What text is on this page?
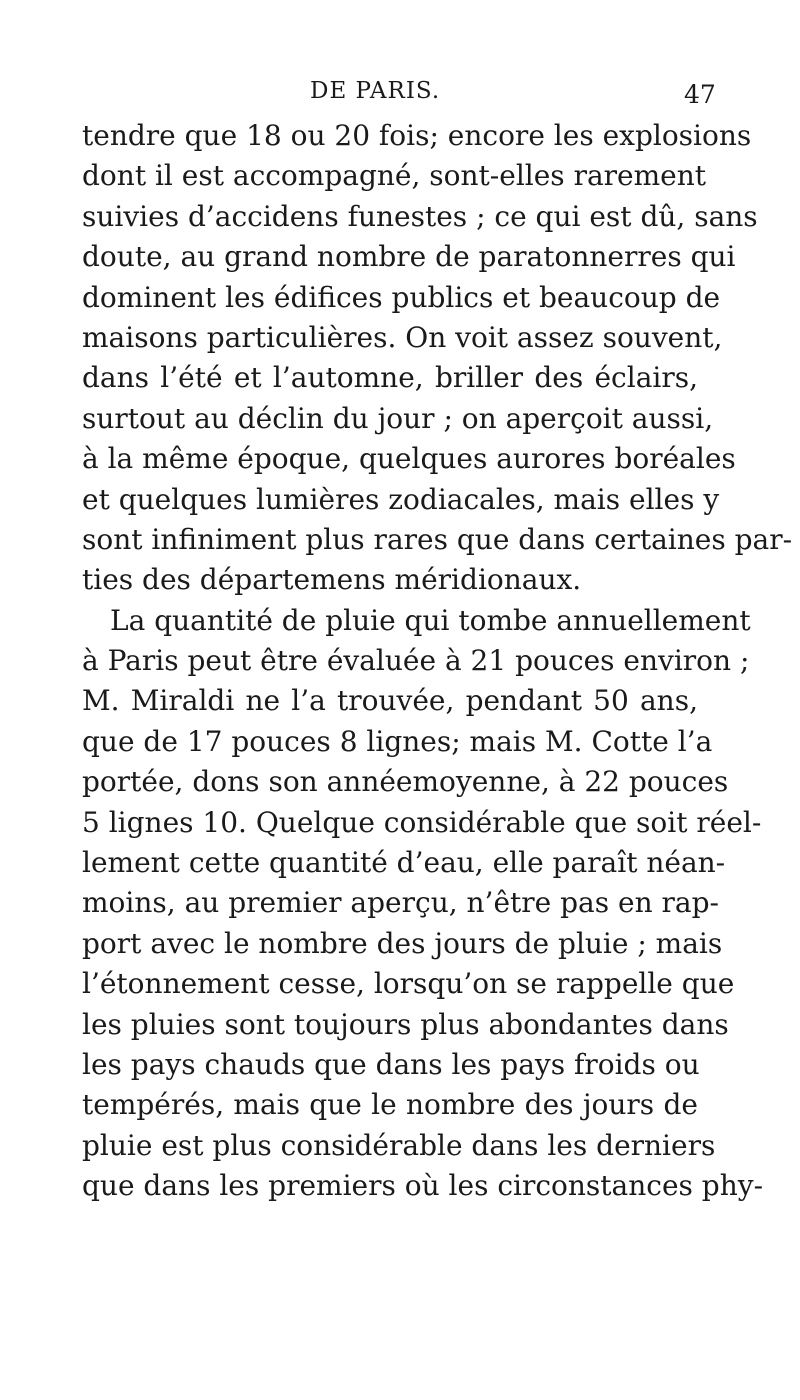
DE PARIS.	47
tendre que 18 ou 20 fois; encore les explosions
dont il est accompagné, sont-elles rarement
suivies d’accidens funestes ; ce qui est dû, sans
doute, au grand nombre de paratonnerres qui
dominent les édifices publics et beaucoup de
maisons particulières. On voit assez souvent,
dans l’été et l’automne, briller des éclairs,
surtout au déclin du jour ; on aperçoit aussi,
à la même époque, quelques aurores boréales
et quelques lumières zodiacales, mais elles y
sont infiniment plus rares que dans certaines par-
ties des départemens méridionaux.
La quantité de pluie qui tombe annuellement
à Paris peut être évaluée à 21 pouces environ ;
M. Miraldi ne l’a trouvée, pendant 50 ans,
que de 17 pouces 8 lignes; mais M. Cotte l’a
portée, dons son annéemoyenne, à 22 pouces
5 lignes 10. Quelque considérable que soit réel-
lement cette quantité d’eau, elle paraît néan-
moins, au premier aperçu, n’être pas en rap-
port avec le nombre des jours de pluie ; mais
l’étonnement cesse, lorsqu’on se rappelle que
les pluies sont toujours plus abondantes dans
les pays chauds que dans les pays froids ou
tempérés, mais que le nombre des jours de
pluie est plus considérable dans les derniers
que dans les premiers où les circonstances phy-
